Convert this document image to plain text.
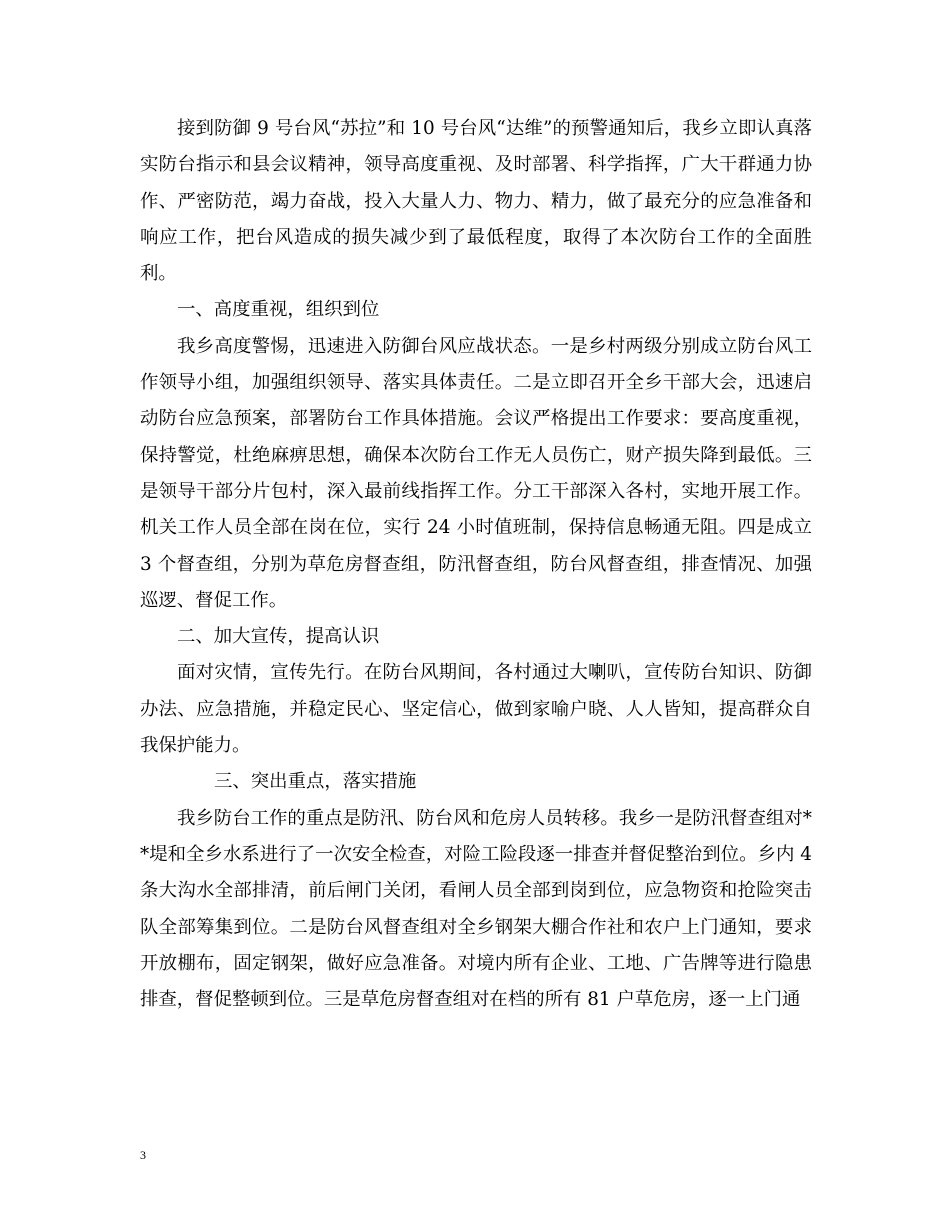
接到防御 9 号台风“苏拉”和 10 号台风“达维”的预警通知后，我乡立即认真落实防台指示和县会议精神，领导高度重视、及时部署、科学指挥，广大干群通力协作、严密防范，竭力奋战，投入大量人力、物力、精力，做了最充分的应急准备和响应工作，把台风造成的损失减少到了最低程度，取得了本次防台工作的全面胜利。

一、高度重视，组织到位

我乡高度警惕，迅速进入防御台风应战状态。一是乡村两级分别成立防台风工作领导小组，加强组织领导、落实具体责任。二是立即召开全乡干部大会，迅速启动防台应急预案，部署防台工作具体措施。会议严格提出工作要求：要高度重视，保持警觉，杜绝麻痹思想，确保本次防台工作无人员伤亡，财产损失降到最低。三是领导干部分片包村，深入最前线指挥工作。分工干部深入各村，实地开展工作。机关工作人员全部在岗在位，实行 24 小时值班制，保持信息畅通无阻。四是成立 3 个督查组，分别为草危房督查组，防汛督查组，防台风督查组，排查情况、加强巡逻、督促工作。

二、加大宣传，提高认识

面对灾情，宣传先行。在防台风期间，各村通过大喇叭，宣传防台知识、防御办法、应急措施，并稳定民心、坚定信心，做到家喻户晓、人人皆知，提高群众自我保护能力。

三、突出重点，落实措施

我乡防台工作的重点是防汛、防台风和危房人员转移。我乡一是防汛督查组对**堤和全乡水系进行了一次安全检查，对险工险段逐一排查并督促整治到位。乡内 4 条大沟水全部排清，前后闸门关闭，看闸人员全部到岗到位，应急物资和抢险突击队全部筹集到位。二是防台风督查组对全乡钢架大棚合作社和农户上门通知，要求开放棚布，固定钢架，做好应急准备。对境内所有企业、工地、广告牌等进行隐患排查，督促整顿到位。三是草危房督查组对在档的所有 81 户草危房，逐一上门通

3
